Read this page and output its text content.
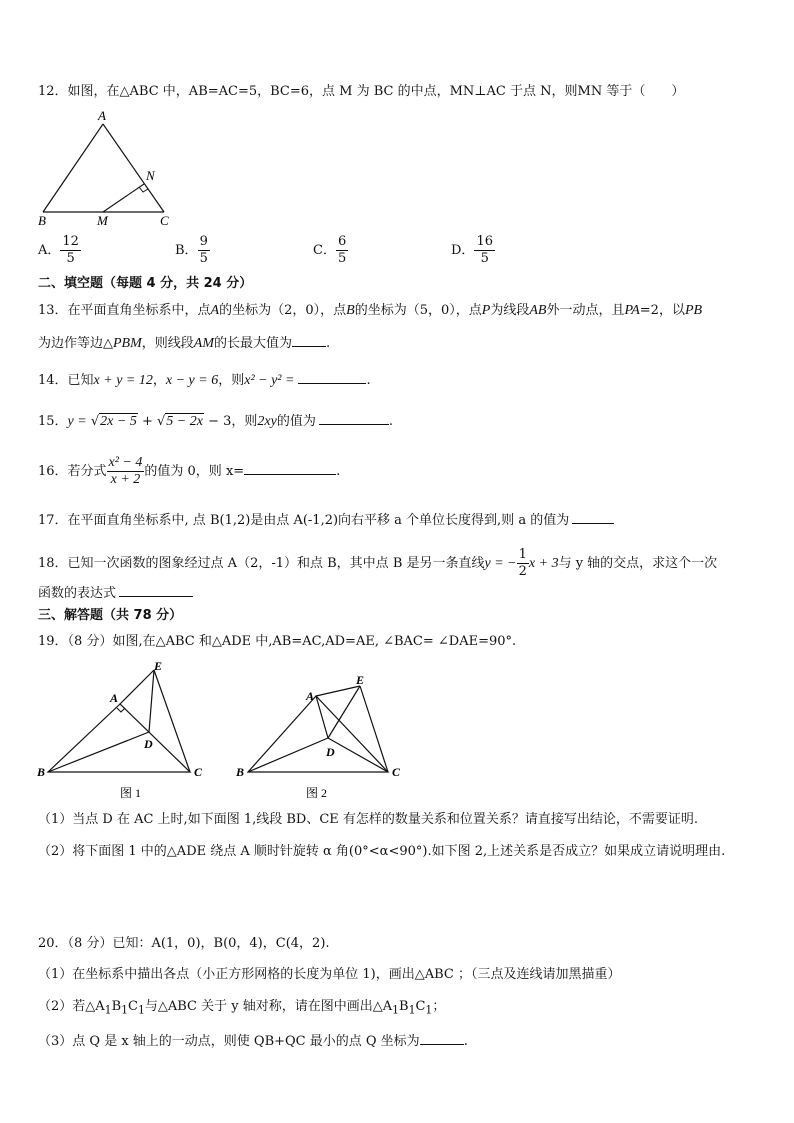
12．如图，在△ABC 中，AB=AC=5，BC=6，点 M 为 BC 的中点，MN⊥AC 于点 N，则MN 等于（　　）
A
B	C
M
N
A． $\frac{12}{5}$	B． $\frac{9}{5}$	C． $\frac{6}{5}$	D． $\frac{16}{5}$
二、填空题（每题 4 分，共 24 分）
13．在平面直角坐标系中，点A的坐标为（2，0），点B的坐标为（5，0），点P为线段AB外一动点，且PA=2，以PB
为边作等边△PBM，则线段AM的长最大值为	.
14．已知x + y = 12，x − y = 6，则x² − y² =	.
15．y = √2x − 5 + √5 − 2x − 3，则2xy的值为	.
16．若分式 $\frac{\text{x² − 4}}{x + 2}$ 的值为 0，则 x=	.
17．在平面直角坐标系中, 点 B(1,2)是由点 A(-1,2)向右平移 a 个单位长度得到,则 a 的值为
18．已知一次函数的图象经过点 A（2，-1）和点 B，其中点 B 是另一条直线y = − $\frac{1}{2}$ x + 3与 y 轴的交点，求这个一次
函数的表达式
三、解答题（共 78 分）
19．（8 分）如图,在△ABC 和△ADE 中,AB=AC,AD=AE, ∠BAC= ∠DAE=90°.
A
E
D
B	C
图 1
A
E
D
B	C
图 2
（1）当点 D 在 AC 上时,如下面图 1,线段 BD、CE 有怎样的数量关系和位置关系？请直接写出结论，不需要证明.
（2）将下面图 1 中的△ADE 绕点 A 顺时针旋转 α 角(0°<α<90°).如下图 2,上述关系是否成立？如果成立请说明理由.
20．（8 分）已知：A(1，0)，B(0，4)，C(4，2).
（1）在坐标系中描出各点（小正方形网格的长度为单位 1)，画出△ABC ；（三点及连线请加黑描重）
（2）若$\triangle A_1B_1C_1$与△ABC 关于 y 轴对称，请在图中画出$\triangle A_1B_1C_1$；
（3）点 Q 是 x 轴上的一动点，则使 QB+QC 最小的点 Q 坐标为	.
